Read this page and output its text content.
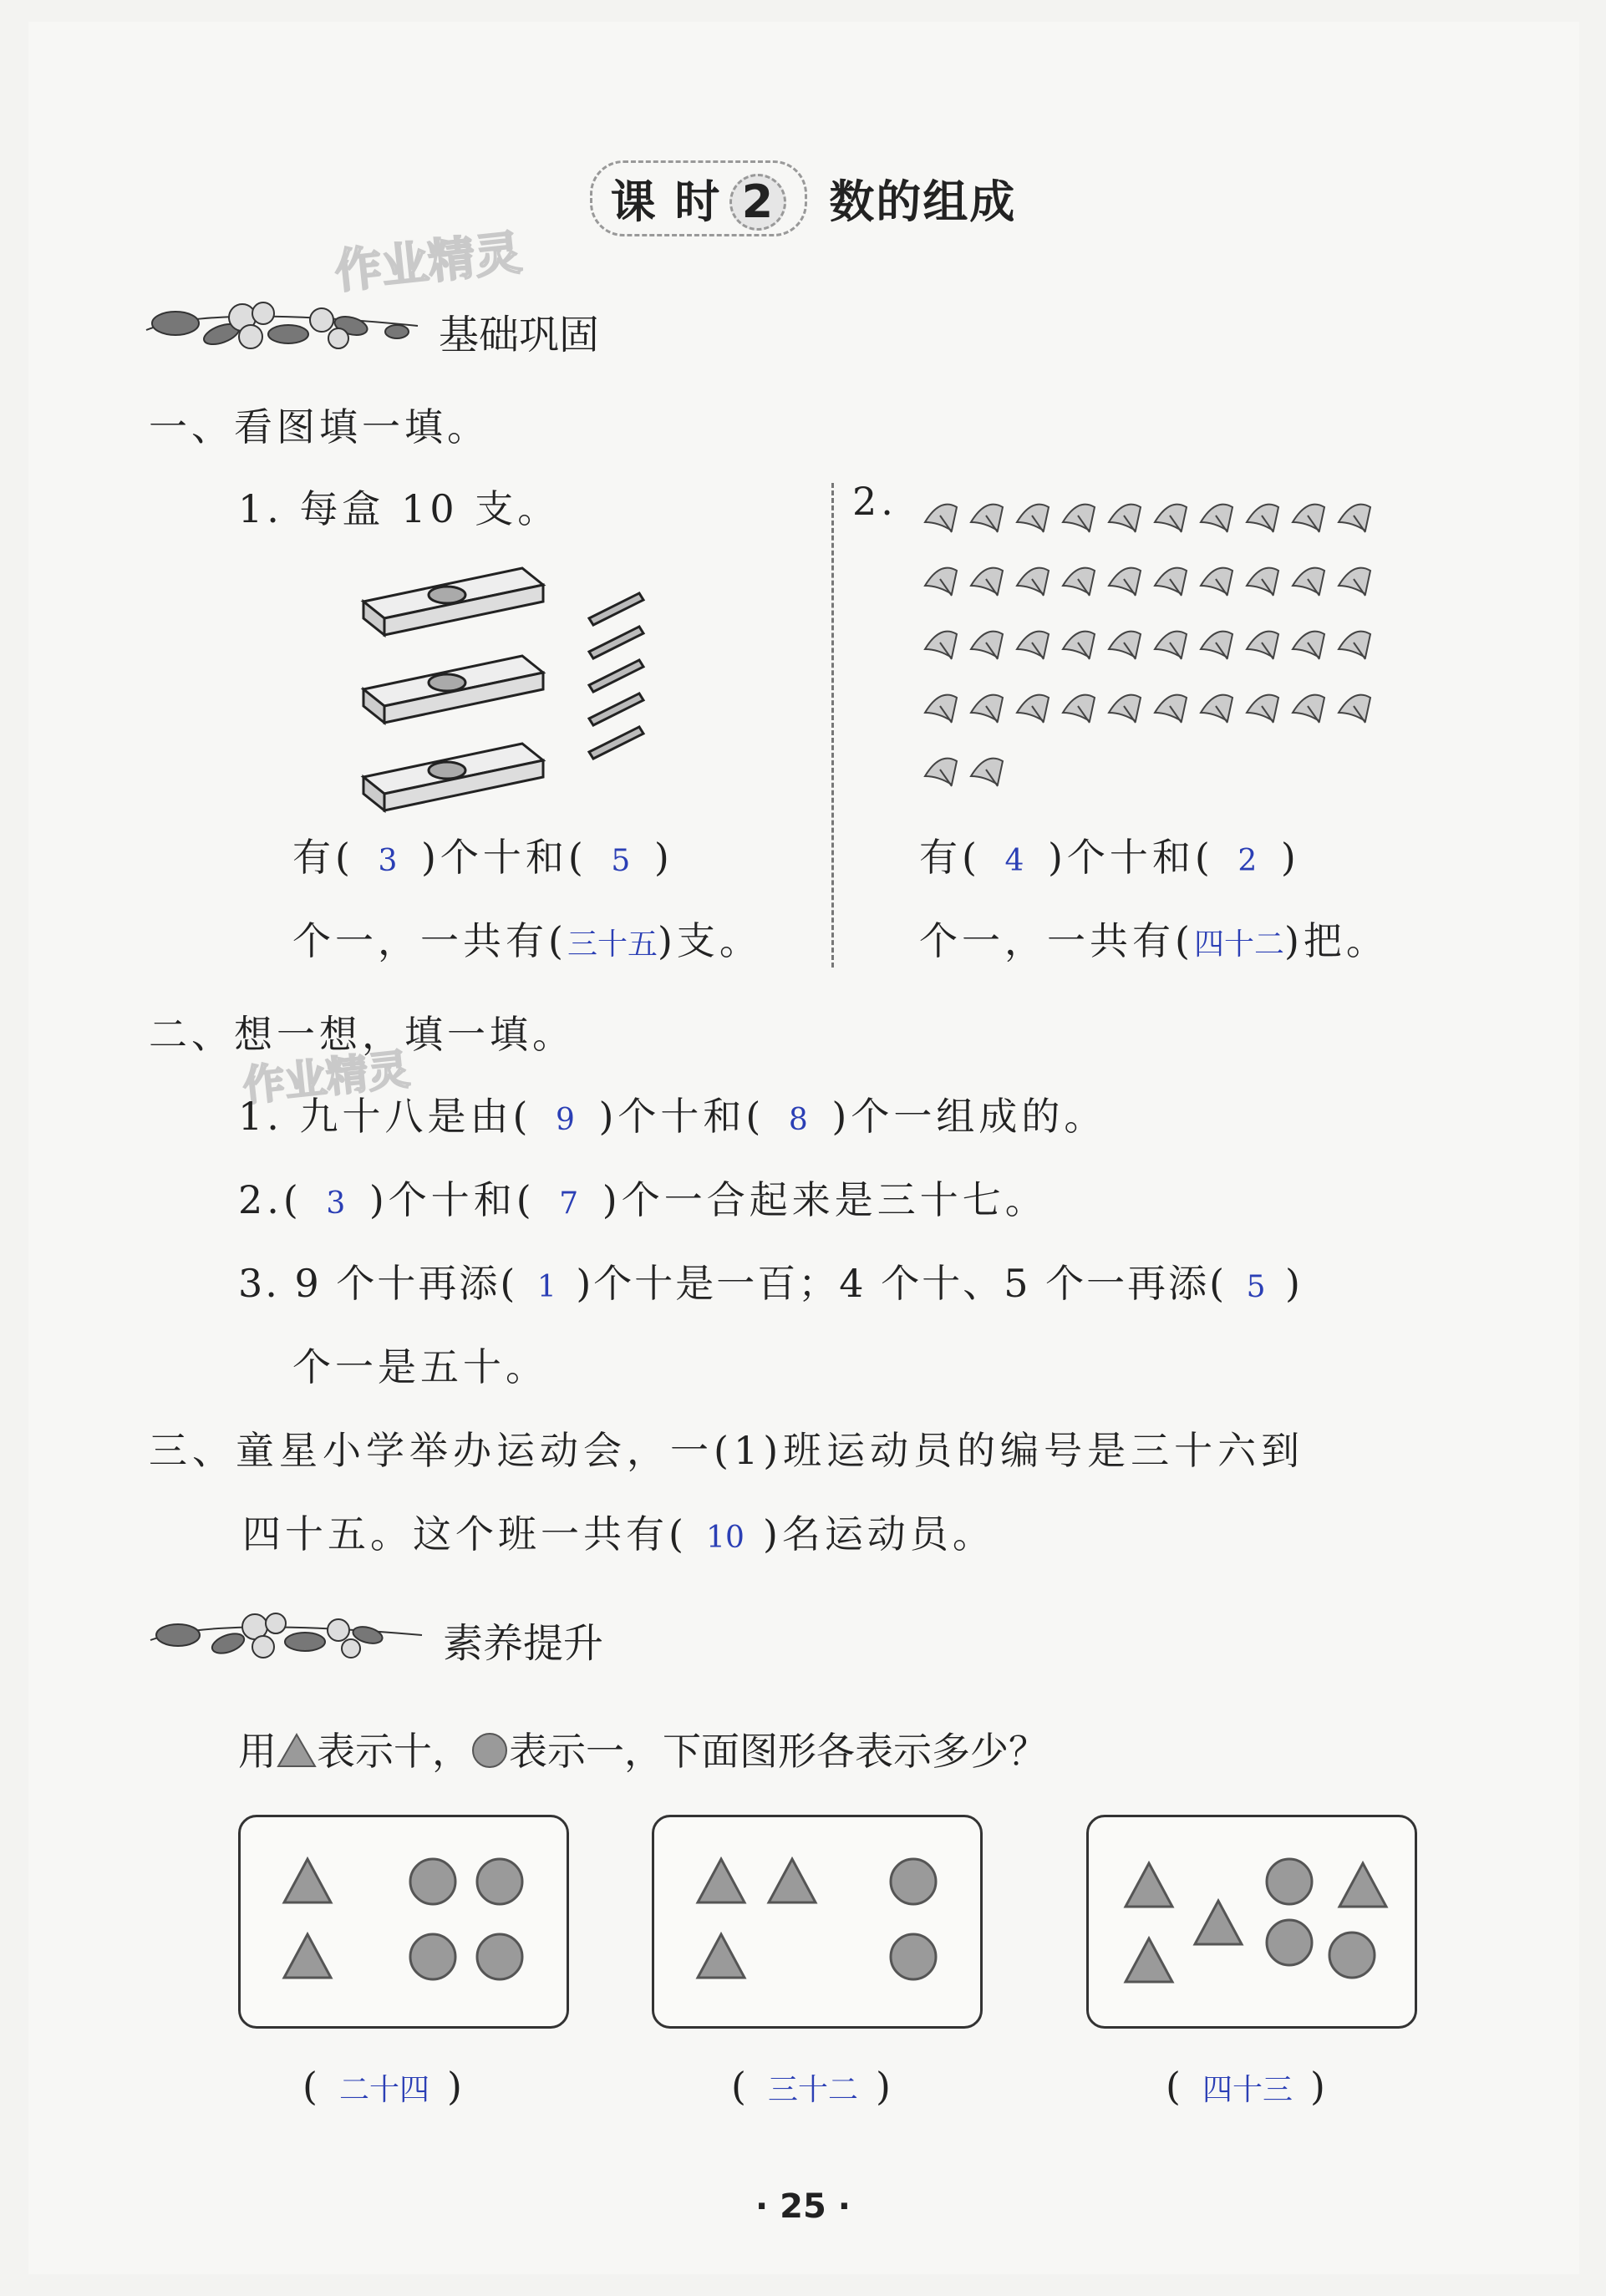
课 时 2 数的组成
作业精灵
基础巩固
一、看图填一填。
1. 每盒 10 支。	2.
有( 3 )个十和( 5 )
个一，一共有(三十五)支。
有( 4 )个十和( 2 )
个一，一共有(四十二)把。
二、想一想，填一填。
作业精灵
1. 九十八是由( 9 )个十和( 8 )个一组成的。
2.( 3 )个十和( 7 )个一合起来是三十七。
3. 9 个十再添( 1 )个十是一百；4 个十、5 个一再添( 5 )
个一是五十。
三、童星小学举办运动会，一(1)班运动员的编号是三十六到
四十五。这个班一共有( 10 )名运动员。
素养提升
用 表示十， 表示一，下面图形各表示多少？
( 二十四 )	( 三十二 )	( 四十三 )
· 25 ·
